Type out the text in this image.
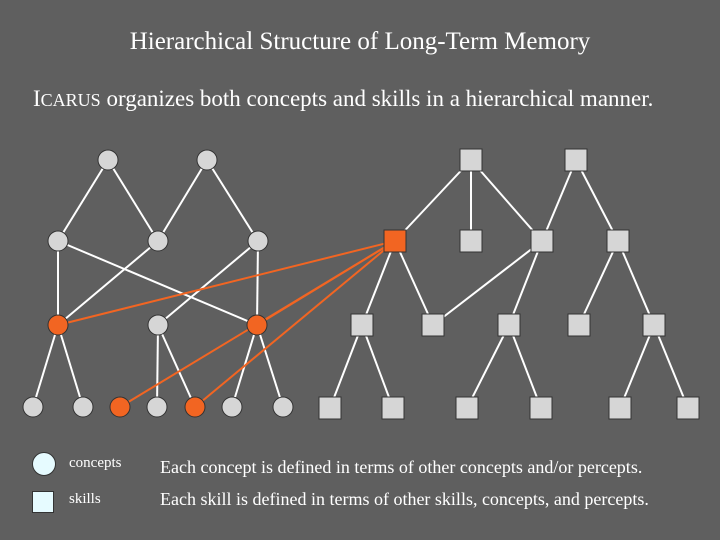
Hierarchical Structure of Long-Term Memory
ICARUS organizes both concepts and skills in a hierarchical manner.
concepts Each concept is defined in terms of other concepts and/or percepts.
skills	Each skill is defined in terms of other skills, concepts, and percepts.
